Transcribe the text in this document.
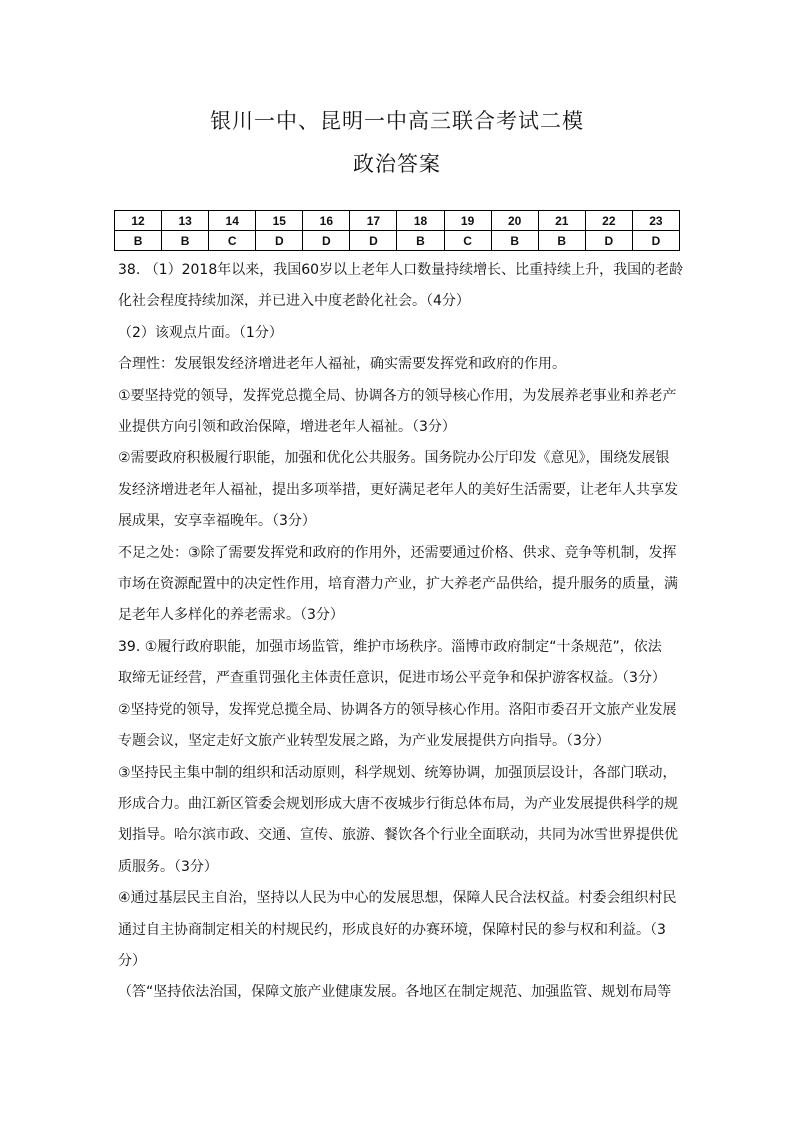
银川一中、昆明一中高三联合考试二模
政治答案
12	13	14	15	16	17	18	19	20	21	22	23
B	B	C	D	D	D	B	C	B	B	D	D

38. （1）2018年以来，我国60岁以上老年人口数量持续增长、比重持续上升，我国的老龄

化社会程度持续加深，并已进入中度老龄化社会。（4分）

（2）该观点片面。（1分）

合理性：发展银发经济增进老年人福祉，确实需要发挥党和政府的作用。

①要坚持党的领导，发挥党总揽全局、协调各方的领导核心作用，为发展养老事业和养老产

业提供方向引领和政治保障，增进老年人福祉。（3分）

②需要政府积极履行职能，加强和优化公共服务。国务院办公厅印发《意见》，围绕发展银

发经济增进老年人福祉，提出多项举措，更好满足老年人的美好生活需要，让老年人共享发

展成果，安享幸福晚年。（3分）

不足之处：③除了需要发挥党和政府的作用外，还需要通过价格、供求、竞争等机制，发挥

市场在资源配置中的决定性作用，培育潜力产业，扩大养老产品供给，提升服务的质量，满

足老年人多样化的养老需求。（3分）

39. ①履行政府职能，加强市场监管，维护市场秩序。淄博市政府制定“十条规范”，依法

取缔无证经营，严查重罚强化主体责任意识，促进市场公平竞争和保护游客权益。（3分）

②坚持党的领导，发挥党总揽全局、协调各方的领导核心作用。洛阳市委召开文旅产业发展

专题会议，坚定走好文旅产业转型发展之路，为产业发展提供方向指导。（3分）

③坚持民主集中制的组织和活动原则，科学规划、统筹协调，加强顶层设计，各部门联动，

形成合力。曲江新区管委会规划形成大唐不夜城步行街总体布局，为产业发展提供科学的规

划指导。哈尔滨市政、交通、宣传、旅游、餐饮各个行业全面联动，共同为冰雪世界提供优

质服务。（3分）

④通过基层民主自治，坚持以人民为中心的发展思想，保障人民合法权益。村委会组织村民

通过自主协商制定相关的村规民约，形成良好的办赛环境，保障村民的参与权和利益。（3

分）

（答“坚持依法治国，保障文旅产业健康发展。各地区在制定规范、加强监管、规划布局等
